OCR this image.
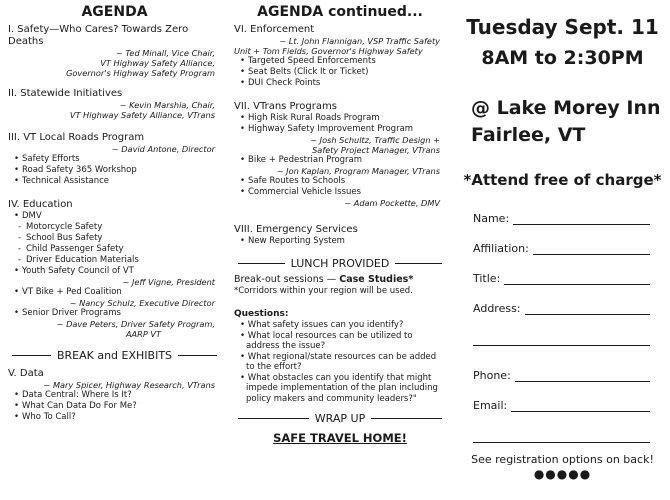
AGENDA
I. Safety—Who Cares? Towards Zero Deaths
~ Ted Minall, Vice Chair,
VT Highway Safety Alliance,
Governor's Highway Safety Program
II. Statewide Initiatives
~ Kevin Marshia, Chair,
VT Highway Safety Alliance, VTrans
III. VT Local Roads Program
~ David Antone, Director
• Safety Efforts
• Road Safety 365 Workshop
• Technical Assistance
IV. Education
• DMV
- Motorcycle Safety
- School Bus Safety
- Child Passenger Safety
- Driver Education Materials
• Youth Safety Council of VT
~ Jeff Vigne, President
• VT Bike + Ped Coalition
~ Nancy Schulz, Executive Director
• Senior Driver Programs
~ Dave Peters, Driver Safety Program,
AARP VT
BREAK and EXHIBITS
V. Data
~ Mary Spicer, Highway Research, VTrans
• Data Central: Where Is It?
• What Can Data Do For Me?
• Who To Call?
AGENDA continued...
VI. Enforcement
~ Lt. John Flannigan, VSP Traffic Safety
Unit + Tom Fields, Governor's Highway Safety
• Targeted Speed Enforcements
• Seat Belts (Click It or Ticket)
• DUI Check Points
VII. VTrans Programs
• High Risk Rural Roads Program
• Highway Safety Improvement Program
~ Josh Schultz, Traffic Design +
Safety Project Manager, VTrans
• Bike + Pedestrian Program
~ Jon Kaplan, Program Manager, VTrans
• Safe Routes to Schools
• Commercial Vehicle Issues
~ Adam Pockette, DMV
VIII. Emergency Services
• New Reporting System
LUNCH PROVIDED
Break-out sessions — Case Studies*
*Corridors within your region will be used.
Questions:
• What safety issues can you identify?
• What local resources can be utilized to address the issue?
• What regional/state resources can be added to the effort?
• What obstacles can you identify that might impede implementation of the plan including policy makers and community leaders?"
WRAP UP
SAFE TRAVEL HOME!
Tuesday Sept. 11
8AM to 2:30PM
@ Lake Morey Inn
Fairlee, VT
*Attend free of charge*
Name:
Affiliation:
Title:
Address:
Phone:
Email:
See registration options on back!
●●●●●
